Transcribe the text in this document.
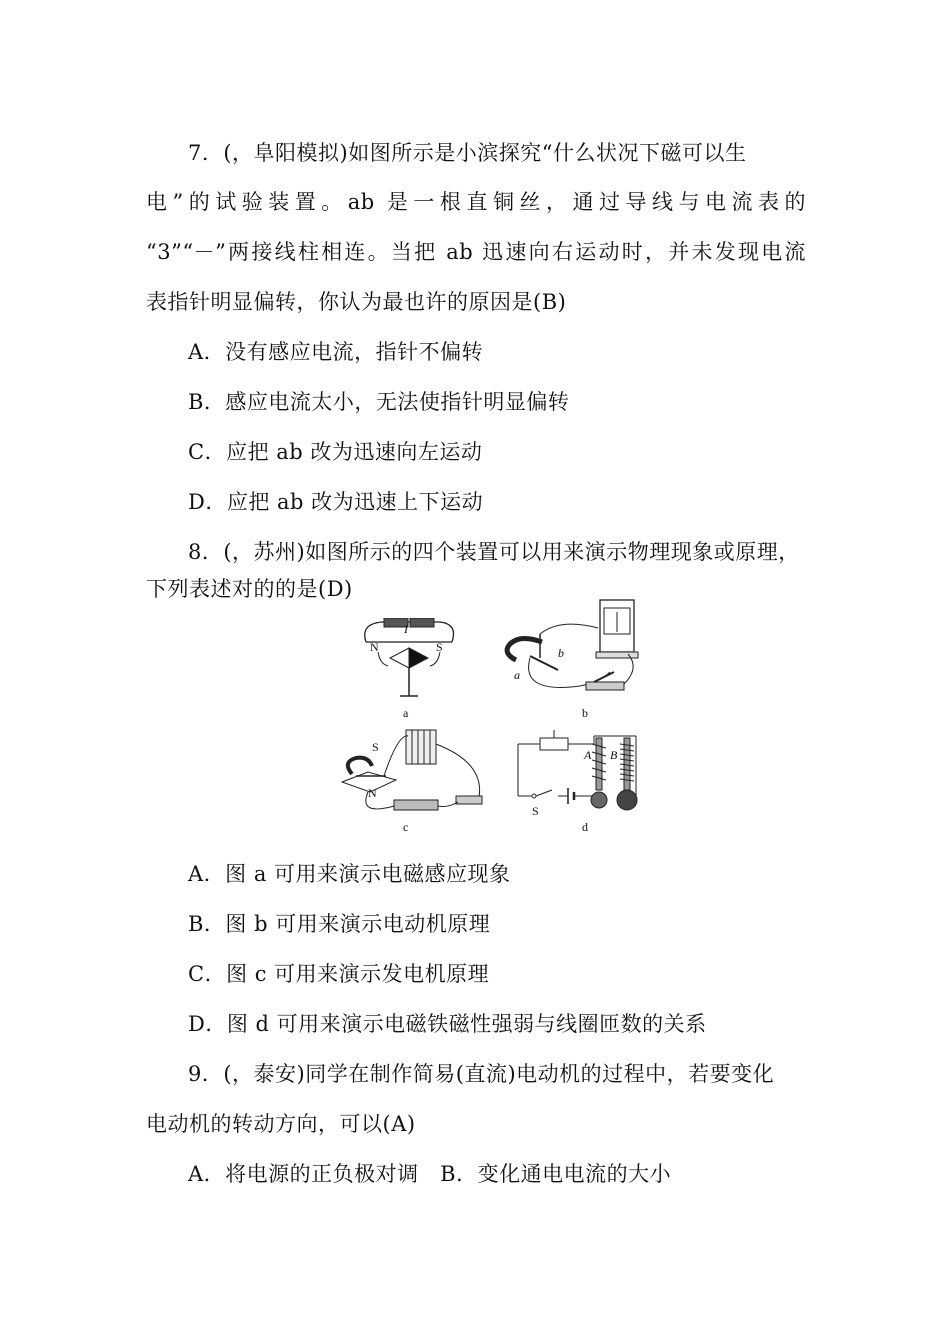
7．(，阜阳模拟)如图所示是小滨探究“什么状况下磁可以生
电”的试验装置。ab 是一根直铜丝，通过导线与电流表的
“3”“－”两接线柱相连。当把 ab 迅速向右运动时，并未发现电流
表指针明显偏转，你认为最也许的原因是(B)
A．没有感应电流，指针不偏转
B．感应电流太小，无法使指针明显偏转
C．应把 ab 改为迅速向左运动
D．应把 ab 改为迅速上下运动
8．(，苏州)如图所示的四个装置可以用来演示物理现象或原理，
下列表述对的的是(D)
I
N	S
a
b
a
b
S
N
c
A B
S
d
A．图 a 可用来演示电磁感应现象
B．图 b 可用来演示电动机原理
C．图 c 可用来演示发电机原理
D．图 d 可用来演示电磁铁磁性强弱与线圈匝数的关系
9．(，泰安)同学在制作简易(直流)电动机的过程中，若要变化
电动机的转动方向，可以(A)
A．将电源的正负极对调　B．变化通电电流的大小
